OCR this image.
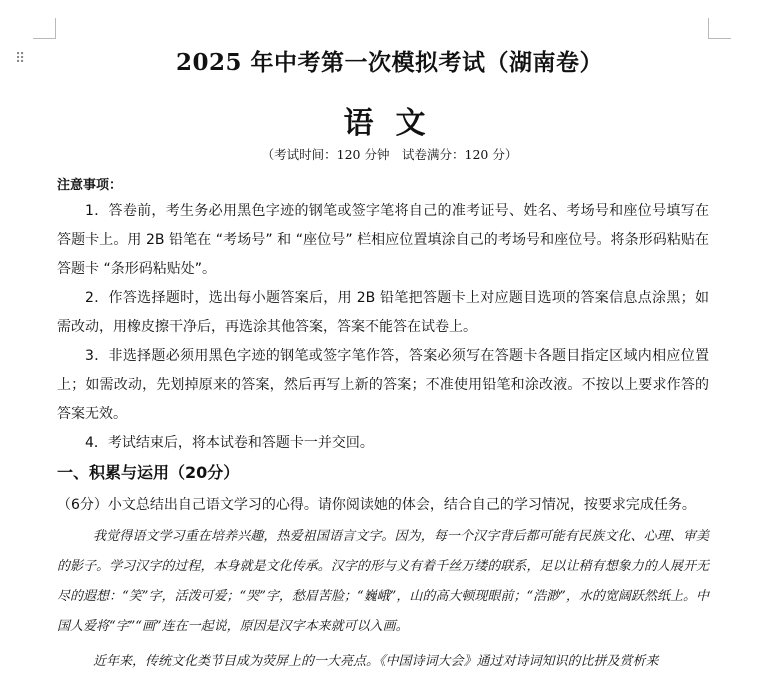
⠿	2025 年中考第一次模拟考试（湖南卷）
语文
（考试时间：120 分钟　试卷满分：120 分）
注意事项：

1．答卷前，考生务必用黑色字迹的钢笔或签字笔将自己的准考证号、姓名、考场号和座位号填写在答题卡上。用 2B 铅笔在 “考场号” 和 “座位号” 栏相应位置填涂自己的考场号和座位号。将条形码粘贴在答题卡 “条形码粘贴处”。

2．作答选择题时，选出每小题答案后，用 2B 铅笔把答题卡上对应题目选项的答案信息点涂黑；如需改动，用橡皮擦干净后，再选涂其他答案，答案不能答在试卷上。

3．非选择题必须用黑色字迹的钢笔或签字笔作答，答案必须写在答题卡各题目指定区域内相应位置上；如需改动，先划掉原来的答案，然后再写上新的答案；不准使用铅笔和涂改液。不按以上要求作答的答案无效。

4．考试结束后，将本试卷和答题卡一并交回。

一、积累与运用（20分）
（6分）小文总结出自己语文学习的心得。请你阅读她的体会，结合自己的学习情况，按要求完成任务。

我觉得语文学习重在培养兴趣，热爱祖国语言文字。因为，每一个汉字背后都可能有民族文化、心理、审美的影子。学习汉字的过程，本身就是文化传承。汉字的形与义有着千丝万缕的联系，足以让稍有想象力的人展开无尽的遐想：“笑”字，活泼可爱；“哭”字，愁眉苦脸；“巍峨”，山的高大顿现眼前；“浩渺”，水的宽阔跃然纸上。中国人爱将“字”“画”连在一起说，原因是汉字本来就可以入画。

近年来，传统文化类节目成为荧屏上的一大亮点。《中国诗词大会》通过对诗词知识的比拼及赏析来
